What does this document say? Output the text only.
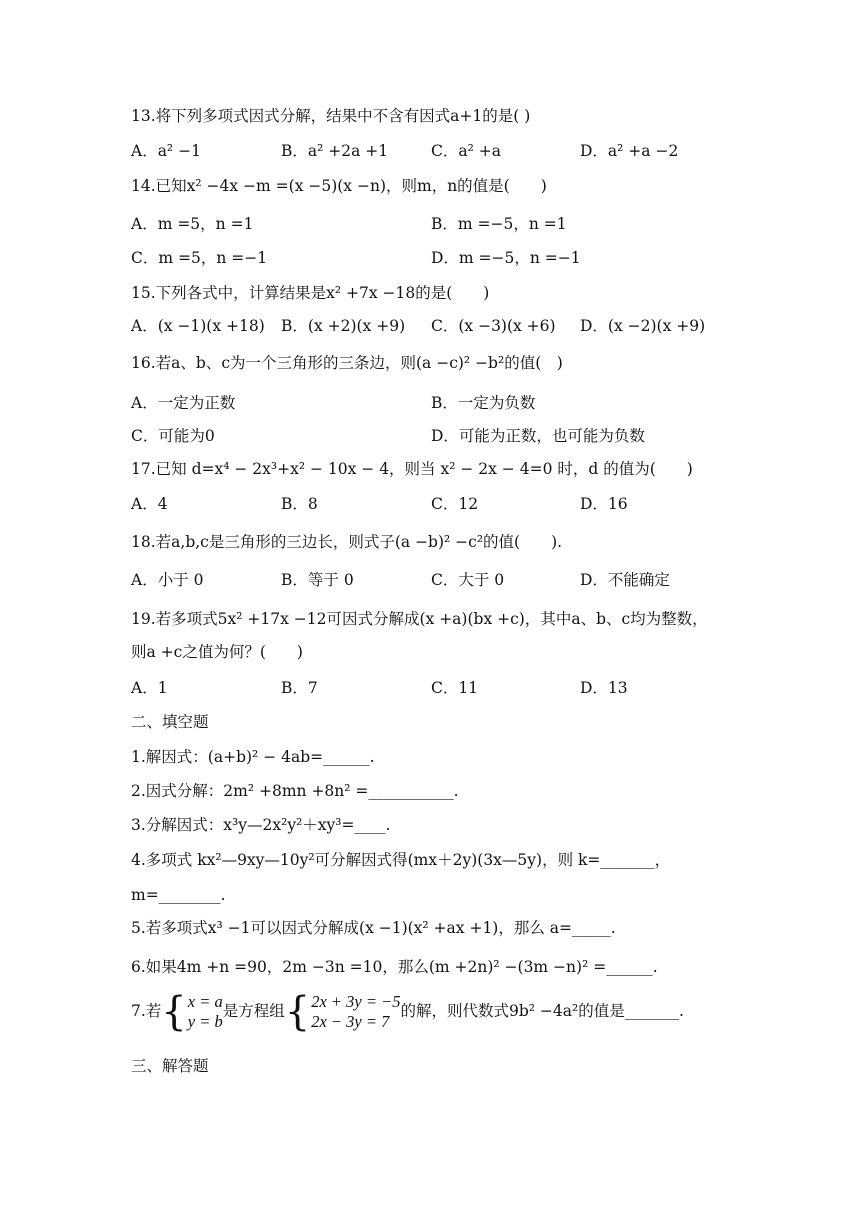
13.将下列多项式因式分解，结果中不含有因式a+1的是( )
A．a² −1	B．a² +2a +1	C．a² +a	D．a² +a −2
14.已知x² −4x −m =(x −5)(x −n)，则m，n的值是(　　)
A．m =5，n =1	B．m =−5，n =1
C．m =5，n =−1	D．m =−5，n =−1
15.下列各式中，计算结果是x² +7x −18的是(　　)
A．(x −1)(x +18) B．(x +2)(x +9) C．(x −3)(x +6) D．(x −2)(x +9)
16.若a、b、c为一个三角形的三条边，则(a −c)² −b²的值(　)
A．一定为正数	B．一定为负数
C．可能为0	D．可能为正数，也可能为负数
17.已知 d=x⁴ − 2x³+x² − 10x − 4，则当 x² − 2x − 4=0 时，d 的值为(　　)
A．4	B．8	C．12	D．16
18.若a,b,c是三角形的三边长，则式子(a −b)² −c²的值(　　).
A．小于 0	B．等于 0	C．大于 0	D．不能确定
19.若多项式5x² +17x −12可因式分解成(x +a)(bx +c)，其中a、b、c均为整数，
则a +c之值为何？(　　)
A．1	B．7	C．11	D．13
二、填空题
1.解因式：(a+b)² − 4ab=______.
2.因式分解：2m² +8mn +8n² =___________.
3.分解因式：x³y—2x²y²＋xy³=____.
4.多项式 kx²—9xy—10y²可分解因式得(mx＋2y)(3x—5y)，则 k=_______，
m=________.
5.若多项式x³ −1可以因式分解成(x −1)(x² +ax +1)，那么 a=_____.
6.如果4m +n =90，2m −3n =10，那么(m +2n)² −(3m −n)² =______.
7.若 { x = a
y = b
是方程组 { 2x + 3y = −5
2x − 3y = 7
的解，则代数式9b² −4a²的值是_______.
三、解答题
